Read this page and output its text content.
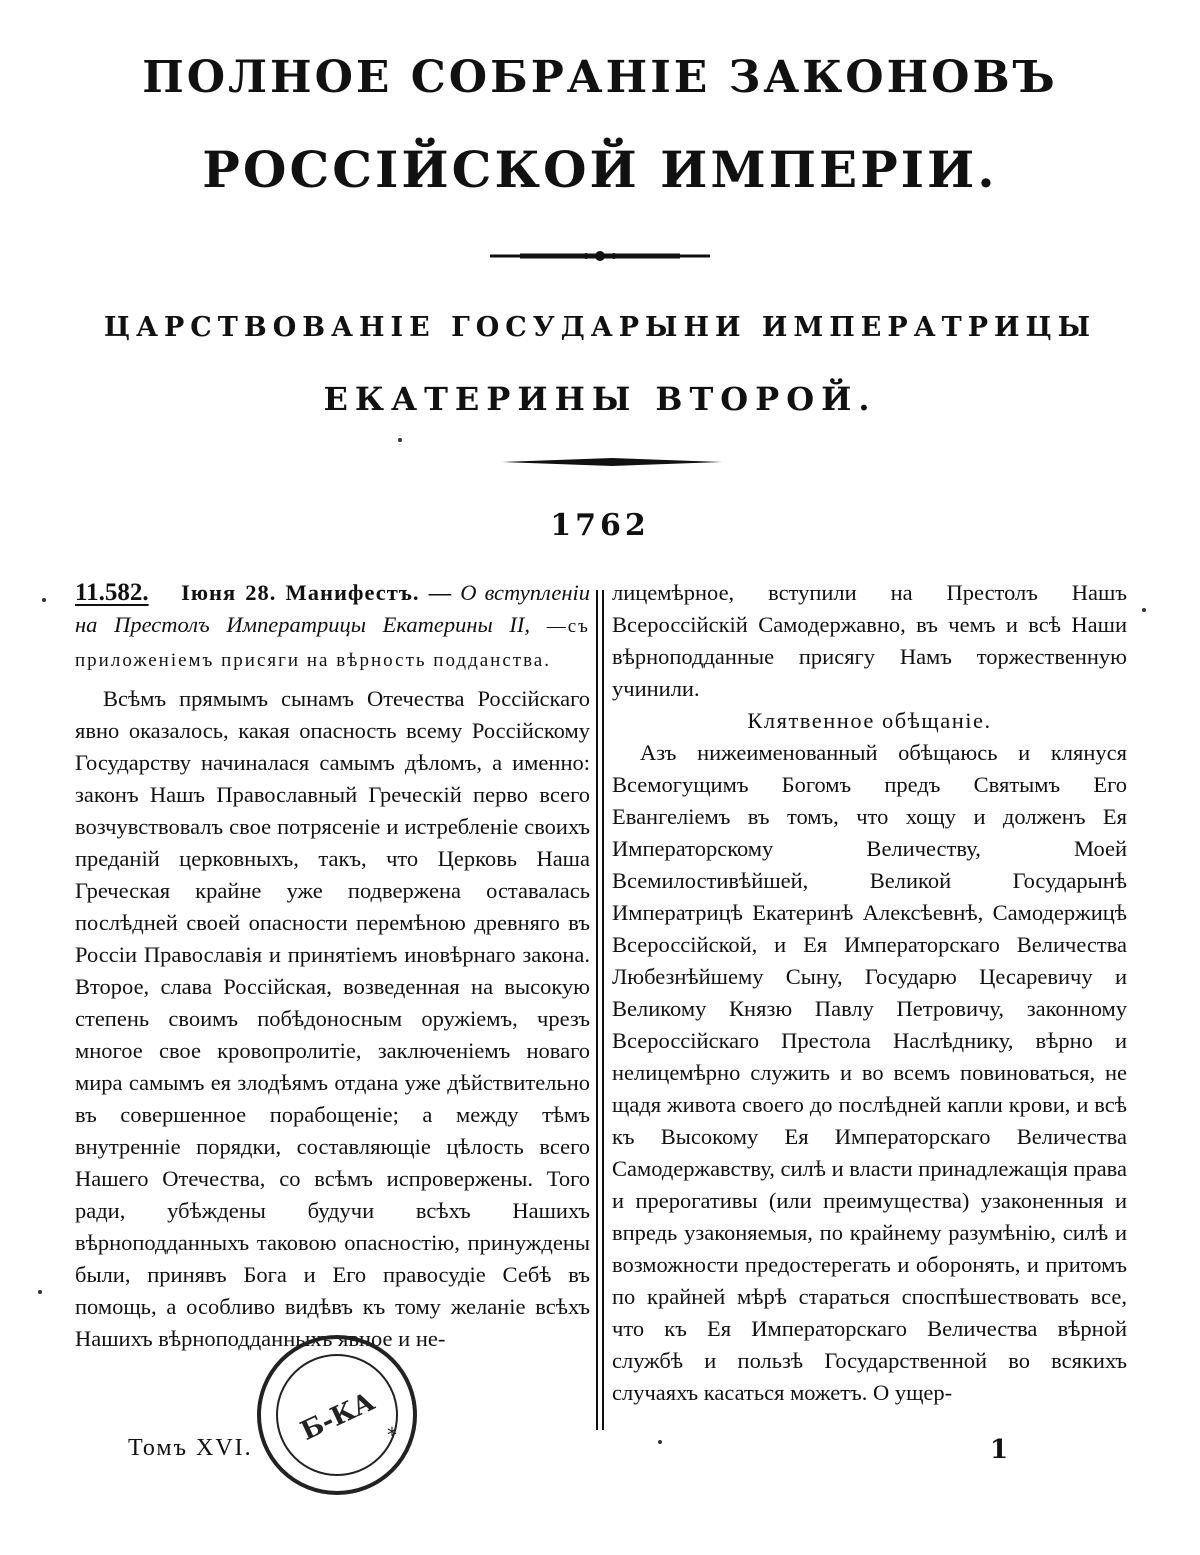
ПОЛНОЕ СОБРАНІЕ ЗАКОНОВЪ
РОССІЙСКОЙ ИМПЕРІИ.
ЦАРСТВОВАНІЕ ГОСУДАРЫНИ ИМПЕРАТРИЦЫ
ЕКАТЕРИНЫ ВТОРОЙ.
1762

11.582. Іюня 28. Манифестъ. — О вступленіи на Престолъ Императрицы Екатерины II, —съ приложеніемъ присяги на вѣрность подданства.

Всѣмъ прямымъ сынамъ Отечества Россійскаго явно оказалось, какая опасность всему Россійскому Государству начиналася самымъ дѣломъ, а именно: законъ Нашъ Православный Греческій перво всего возчувствовалъ свое потрясеніе и истребленіе своихъ преданій церковныхъ, такъ, что Церковь Наша Греческая крайне уже подвержена оставалась послѣдней своей опасности перемѣною древняго въ Россіи Православія и принятіемъ иновѣрнаго закона. Второе, слава Россійская, возведенная на высокую степень своимъ побѣдоносным оружіемъ, чрезъ многое свое кровопролитіе, заключеніемъ новаго мира самымъ ея злодѣямъ отдана уже дѣйствительно въ совершенное порабощеніе; а между тѣмъ внутренніе порядки, составляющіе цѣлость всего Нашего Отечества, со всѣмъ испровержены. Того ради, убѣждены будучи всѣхъ Нашихъ вѣрноподданныхъ таковою опасностію, принуждены были, принявъ Бога и Его правосудіе Себѣ въ помощь, а особливо видѣвъ къ тому желаніе всѣхъ Нашихъ вѣрноподданныхъ явное и не-

лицемѣрное, вступили на Престолъ Нашъ Всероссійскій Самодержавно, въ чемъ и всѣ Наши вѣрноподданные присягу Намъ торжественную учинили.

Клятвенное обѣщаніе.

Азъ нижеименованный обѣщаюсь и клянуся Всемогущимъ Богомъ предъ Святымъ Его Евангеліемъ въ томъ, что хощу и долженъ Ея Императорскому Величеству, Моей Всемилостивѣйшей, Великой Государынѣ Императрицѣ Екатеринѣ Алексѣевнѣ, Самодержицѣ Всероссійской, и Ея Императорскаго Величества Любезнѣйшему Сыну, Государю Цесаревичу и Великому Князю Павлу Петровичу, законному Всероссійскаго Престола Наслѣднику, вѣрно и нелицемѣрно служить и во всемъ повиноваться, не щадя живота своего до послѣдней капли крови, и всѣ къ Высокому Ея Императорскаго Величества Самодержавству, силѣ и власти принадлежащія права и прерогативы (или преимущества) узаконенныя и впредь узаконяемыя, по крайнему разумѣнію, силѣ и возможности предостерегать и оборонять, и притомъ по крайней мѣрѣ стараться споспѣшествовать все, что къ Ея Императорскаго Величества вѣрной службѣ и пользѣ Государственной во всякихъ случаяхъ касаться можетъ. О ущер-

Томъ XVI.	1
Б-КА *
